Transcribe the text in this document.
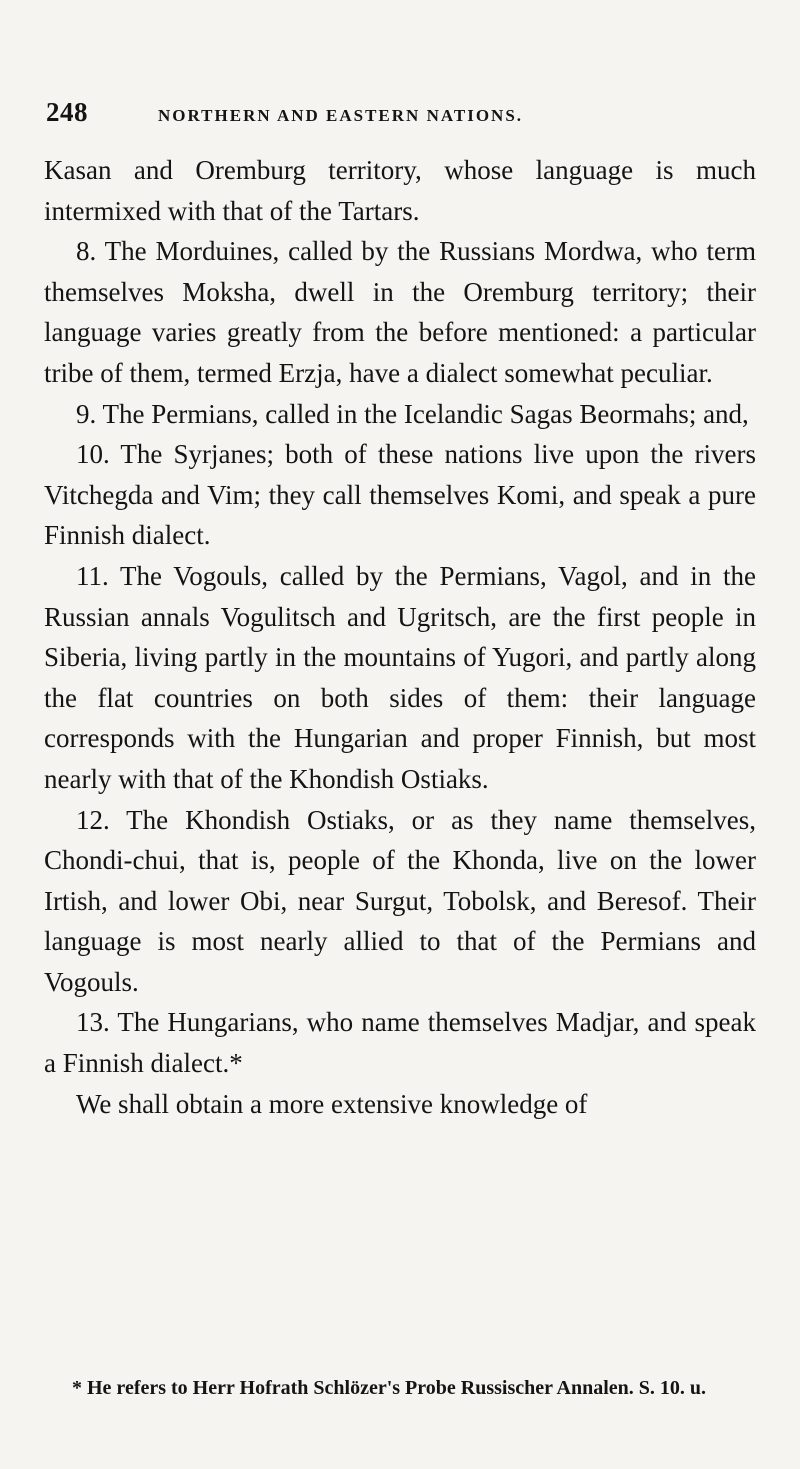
248	NORTHERN AND EASTERN NATIONS.

Kasan and Oremburg territory, whose language is much intermixed with that of the Tartars.

8. The Morduines, called by the Russians Mordwa, who term themselves Moksha, dwell in the Oremburg territory; their language varies greatly from the before mentioned: a particular tribe of them, termed Erzja, have a dialect somewhat peculiar.

9. The Permians, called in the Icelandic Sagas Beormahs; and,

10. The Syrjanes; both of these nations live upon the rivers Vitchegda and Vim; they call themselves Komi, and speak a pure Finnish dialect.

11. The Vogouls, called by the Permians, Vagol, and in the Russian annals Vogulitsch and Ugritsch, are the first people in Siberia, living partly in the mountains of Yugori, and partly along the flat countries on both sides of them: their language corresponds with the Hungarian and proper Finnish, but most nearly with that of the Khondish Ostiaks.

12. The Khondish Ostiaks, or as they name themselves, Chondi-chui, that is, people of the Khonda, live on the lower Irtish, and lower Obi, near Surgut, Tobolsk, and Beresof. Their language is most nearly allied to that of the Permians and Vogouls.

13. The Hungarians, who name themselves Madjar, and speak a Finnish dialect.*

We shall obtain a more extensive knowledge of

* He refers to Herr Hofrath Schlözer's Probe Russischer Annalen. S. 10. u.
